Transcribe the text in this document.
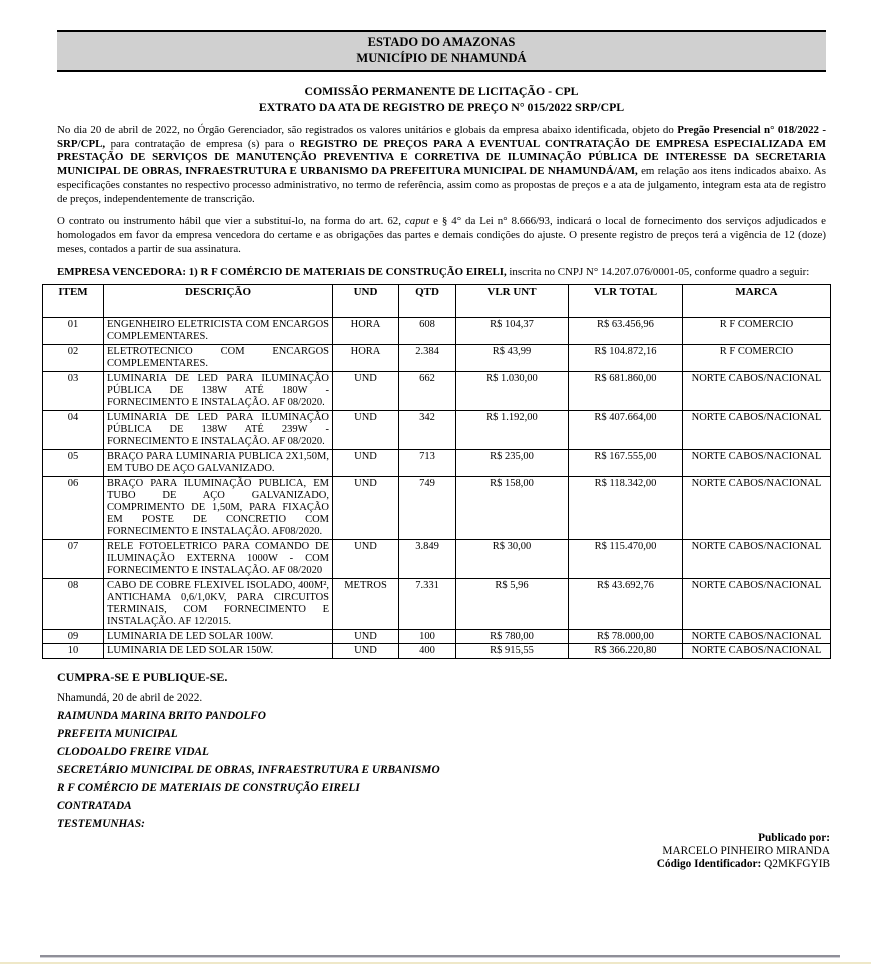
ESTADO DO AMAZONAS
MUNICÍPIO DE NHAMUNDÁ
COMISSÃO PERMANENTE DE LICITAÇÃO - CPL
EXTRATO DA ATA DE REGISTRO DE PREÇO N° 015/2022 SRP/CPL

No dia 20 de abril de 2022, no Órgão Gerenciador, são registrados os valores unitários e globais da empresa abaixo identificada, objeto do Pregão Presencial n° 018/2022 -SRP/CPL, para contratação de empresa (s) para o REGISTRO DE PREÇOS PARA A EVENTUAL CONTRATAÇÃO DE EMPRESA ESPECIALIZADA EM PRESTAÇÃO DE SERVIÇOS DE MANUTENÇÃO PREVENTIVA E CORRETIVA DE ILUMINAÇÃO PÚBLICA DE INTERESSE DA SECRETARIA MUNICIPAL DE OBRAS, INFRAESTRUTURA E URBANISMO DA PREFEITURA MUNICIPAL DE NHAMUNDÁ/AM, em relação aos itens indicados abaixo. As especificações constantes no respectivo processo administrativo, no termo de referência, assim como as propostas de preços e a ata de julgamento, integram esta ata de registro de preços, independentemente de transcrição.

O contrato ou instrumento hábil que vier a substituí-lo, na forma do art. 62, caput e § 4° da Lei n° 8.666/93, indicará o local de fornecimento dos serviços adjudicados e homologados em favor da empresa vencedora do certame e as obrigações das partes e demais condições do ajuste. O presente registro de preços terá a vigência de 12 (doze) meses, contados a partir de sua assinatura.

EMPRESA VENCEDORA: 1) R F COMÉRCIO DE MATERIAIS DE CONSTRUÇÃO EIRELI, inscrita no CNPJ N° 14.207.076/0001-05, conforme quadro a seguir:

ITEM	DESCRIÇÃO	UND	QTD	VLR UNT	VLR TOTAL	MARCA
01	ENGENHEIRO ELETRICISTA COM ENCARGOS COMPLEMENTARES.	HORA	608	R$ 104,37	R$ 63.456,96	R F COMERCIO
02	ELETROTECNICO COM ENCARGOS COMPLEMENTARES.	HORA	2.384	R$ 43,99	R$ 104.872,16	R F COMERCIO
03	LUMINARIA DE LED PARA ILUMINAÇÃO PÚBLICA DE 138W ATÉ 180W - FORNECIMENTO E INSTALAÇÃO. AF 08/2020.	UND	662	R$ 1.030,00	R$ 681.860,00	NORTE CABOS/NACIONAL
04	LUMINARIA DE LED PARA ILUMINAÇÃO PÚBLICA DE 138W ATÉ 239W - FORNECIMENTO E INSTALAÇÃO. AF 08/2020.	UND	342	R$ 1.192,00	R$ 407.664,00	NORTE CABOS/NACIONAL
05	BRAÇO PARA LUMINARIA PUBLICA 2X1,50M, EM TUBO DE AÇO GALVANIZADO.	UND	713	R$ 235,00	R$ 167.555,00	NORTE CABOS/NACIONAL
06	BRAÇO PARA ILUMINAÇÃO PUBLICA, EM TUBO DE AÇO GALVANIZADO, COMPRIMENTO DE 1,50M, PARA FIXAÇÃO EM POSTE DE CONCRETIO COM FORNECIMENTO E INSTALAÇÃO. AF08/2020.	UND	749	R$ 158,00	R$ 118.342,00	NORTE CABOS/NACIONAL
07	RELE FOTOELETRICO PARA COMANDO DE ILUMINAÇÃO EXTERNA 1000W - COM FORNECIMENTO E INSTALAÇÃO. AF 08/2020	UND	3.849	R$ 30,00	R$ 115.470,00	NORTE CABOS/NACIONAL
08	CABO DE COBRE FLEXIVEL ISOLADO, 400M², ANTICHAMA 0,6/1,0KV, PARA CIRCUITOS TERMINAIS, COM FORNECIMENTO E INSTALAÇÃO. AF 12/2015.	METROS	7.331	R$ 5,96	R$ 43.692,76	NORTE CABOS/NACIONAL
09	LUMINARIA DE LED SOLAR 100W.	UND	100	R$ 780,00	R$ 78.000,00	NORTE CABOS/NACIONAL
10	LUMINARIA DE LED SOLAR 150W.	UND	400	R$ 915,55	R$ 366.220,80	NORTE CABOS/NACIONAL
CUMPRA-SE E PUBLIQUE-SE.
Nhamundá, 20 de abril de 2022.
RAIMUNDA MARINA BRITO PANDOLFO
PREFEITA MUNICIPAL
CLODOALDO FREIRE VIDAL
SECRETÁRIO MUNICIPAL DE OBRAS, INFRAESTRUTURA E URBANISMO
R F COMÉRCIO DE MATERIAIS DE CONSTRUÇÃO EIRELI
CONTRATADA
TESTEMUNHAS:
Publicado por:
MARCELO PINHEIRO MIRANDA
Código Identificador: Q2MKFGYIB
